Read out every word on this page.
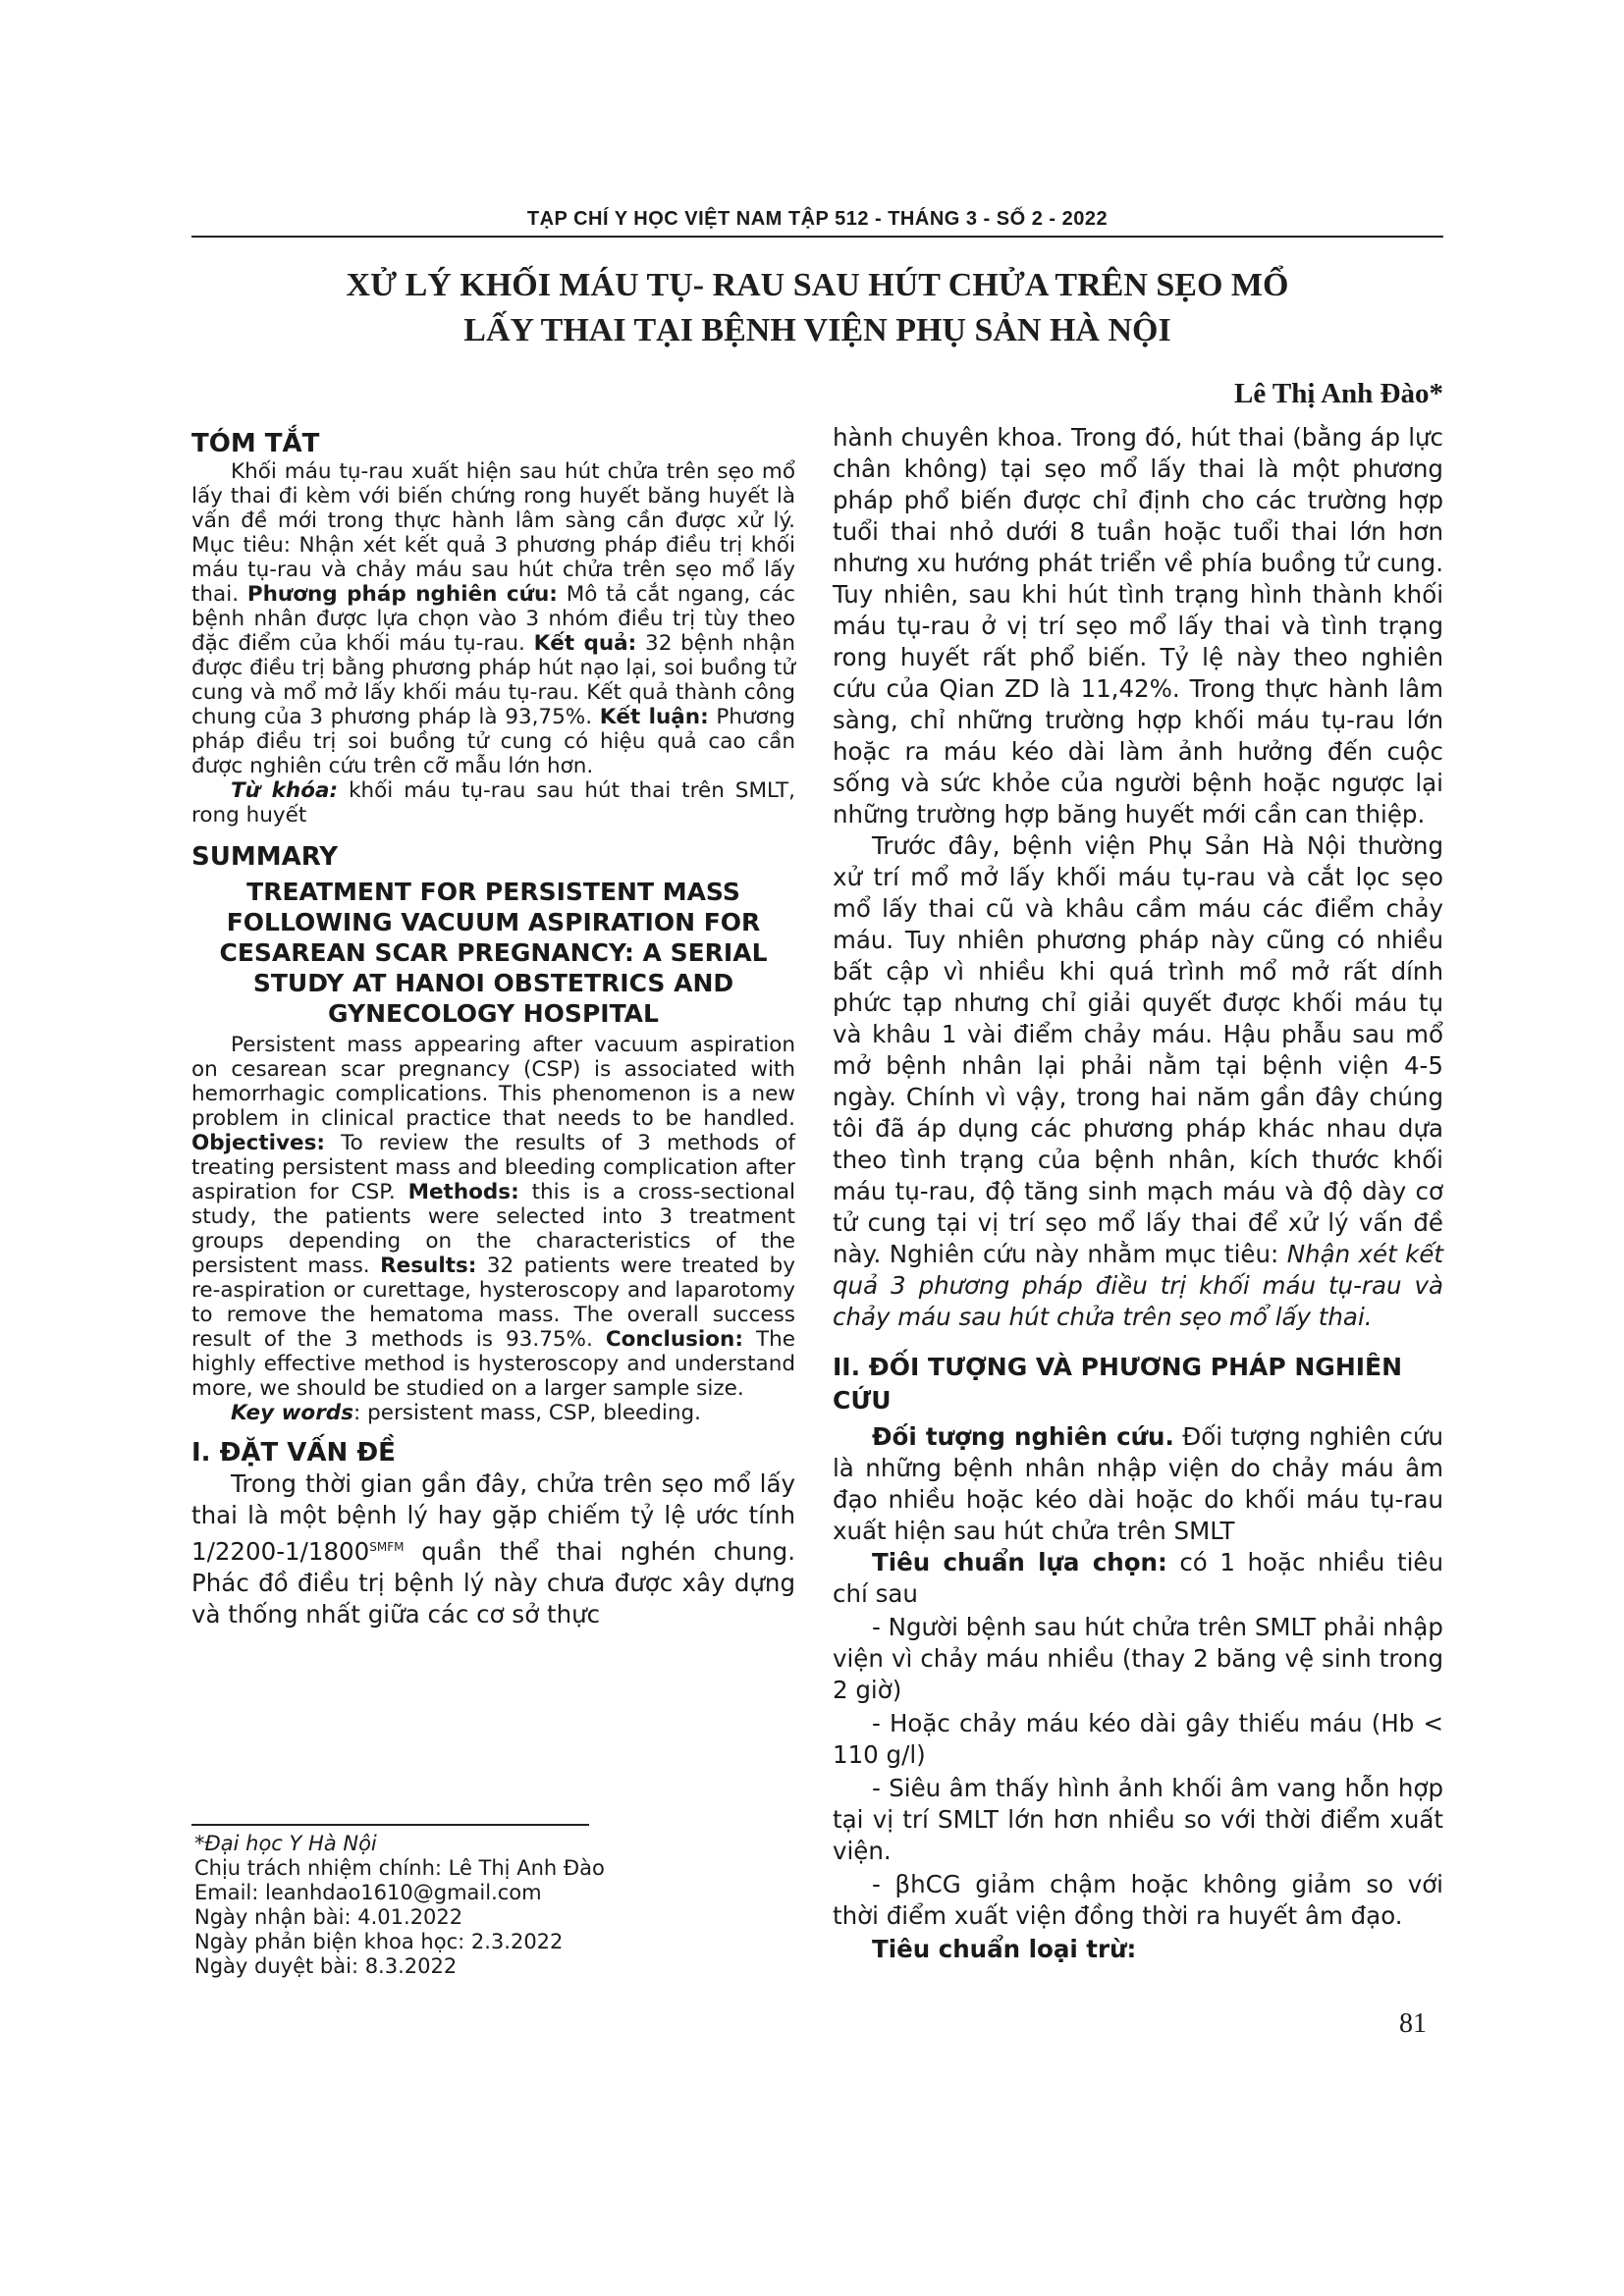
TẠP CHÍ Y HỌC VIỆT NAM TẬP 512 - THÁNG 3 - SỐ 2 - 2022
XỬ LÝ KHỐI MÁU TỤ- RAU SAU HÚT CHỬA TRÊN SẸO MỔ
LẤY THAI TẠI BỆNH VIỆN PHỤ SẢN HÀ NỘI
Lê Thị Anh Đào*
TÓM TẮT

Khối máu tụ-rau xuất hiện sau hút chửa trên sẹo mổ lấy thai đi kèm với biến chứng rong huyết băng huyết là vấn đề mới trong thực hành lâm sàng cần được xử lý. Mục tiêu: Nhận xét kết quả 3 phương pháp điều trị khối máu tụ-rau và chảy máu sau hút chửa trên sẹo mổ lấy thai. Phương pháp nghiên cứu: Mô tả cắt ngang, các bệnh nhân được lựa chọn vào 3 nhóm điều trị tùy theo đặc điểm của khối máu tụ-rau. Kết quả: 32 bệnh nhận được điều trị bằng phương pháp hút nạo lại, soi buồng tử cung và mổ mở lấy khối máu tụ-rau. Kết quả thành công chung của 3 phương pháp là 93,75%. Kết luận: Phương pháp điều trị soi buồng tử cung có hiệu quả cao cần được nghiên cứu trên cỡ mẫu lớn hơn.

Từ khóa: khối máu tụ-rau sau hút thai trên SMLT, rong huyết

SUMMARY
TREATMENT FOR PERSISTENT MASS FOLLOWING VACUUM ASPIRATION FOR CESAREAN SCAR PREGNANCY: A SERIAL STUDY AT HANOI OBSTETRICS AND GYNECOLOGY HOSPITAL

Persistent mass appearing after vacuum aspiration on cesarean scar pregnancy (CSP) is associated with hemorrhagic complications. This phenomenon is a new problem in clinical practice that needs to be handled. Objectives: To review the results of 3 methods of treating persistent mass and bleeding complication after aspiration for CSP. Methods: this is a cross-sectional study, the patients were selected into 3 treatment groups depending on the characteristics of the persistent mass. Results: 32 patients were treated by re-aspiration or curettage, hysteroscopy and laparotomy to remove the hematoma mass. The overall success result of the 3 methods is 93.75%. Conclusion: The highly effective method is hysteroscopy and understand more, we should be studied on a larger sample size.

Key words: persistent mass, CSP, bleeding.

I. ĐẶT VẤN ĐỀ

Trong thời gian gần đây, chửa trên sẹo mổ lấy thai là một bệnh lý hay gặp chiếm tỷ lệ ước tính $1/2200-1/1800^{SMFM}$ quần thể thai nghén chung. Phác đồ điều trị bệnh lý này chưa được xây dựng và thống nhất giữa các cơ sở thực

*Đại học Y Hà Nội
Chịu trách nhiệm chính: Lê Thị Anh Đào
Email: leanhdao1610@gmail.com
Ngày nhận bài: 4.01.2022
Ngày phản biện khoa học: 2.3.2022
Ngày duyệt bài: 8.3.2022

hành chuyên khoa. Trong đó, hút thai (bằng áp lực chân không) tại sẹo mổ lấy thai là một phương pháp phổ biến được chỉ định cho các trường hợp tuổi thai nhỏ dưới 8 tuần hoặc tuổi thai lớn hơn nhưng xu hướng phát triển về phía buồng tử cung. Tuy nhiên, sau khi hút tình trạng hình thành khối máu tụ-rau ở vị trí sẹo mổ lấy thai và tình trạng rong huyết rất phổ biến. Tỷ lệ này theo nghiên cứu của Qian ZD là 11,42%. Trong thực hành lâm sàng, chỉ những trường hợp khối máu tụ-rau lớn hoặc ra máu kéo dài làm ảnh hưởng đến cuộc sống và sức khỏe của người bệnh hoặc ngược lại những trường hợp băng huyết mới cần can thiệp.

Trước đây, bệnh viện Phụ Sản Hà Nội thường xử trí mổ mở lấy khối máu tụ-rau và cắt lọc sẹo mổ lấy thai cũ và khâu cầm máu các điểm chảy máu. Tuy nhiên phương pháp này cũng có nhiều bất cập vì nhiều khi quá trình mổ mở rất dính phức tạp nhưng chỉ giải quyết được khối máu tụ và khâu 1 vài điểm chảy máu. Hậu phẫu sau mổ mở bệnh nhân lại phải nằm tại bệnh viện 4-5 ngày. Chính vì vậy, trong hai năm gần đây chúng tôi đã áp dụng các phương pháp khác nhau dựa theo tình trạng của bệnh nhân, kích thước khối máu tụ-rau, độ tăng sinh mạch máu và độ dày cơ tử cung tại vị trí sẹo mổ lấy thai để xử lý vấn đề này. Nghiên cứu này nhằm mục tiêu: Nhận xét kết quả 3 phương pháp điều trị khối máu tụ-rau và chảy máu sau hút chửa trên sẹo mổ lấy thai.

II. ĐỐI TƯỢNG VÀ PHƯƠNG PHÁP NGHIÊN CỨU

Đối tượng nghiên cứu. Đối tượng nghiên cứu là những bệnh nhân nhập viện do chảy máu âm đạo nhiều hoặc kéo dài hoặc do khối máu tụ-rau xuất hiện sau hút chửa trên SMLT

Tiêu chuẩn lựa chọn: có 1 hoặc nhiều tiêu chí sau

- Người bệnh sau hút chửa trên SMLT phải nhập viện vì chảy máu nhiều (thay 2 băng vệ sinh trong 2 giờ)

- Hoặc chảy máu kéo dài gây thiếu máu (Hb < 110 g/l)

- Siêu âm thấy hình ảnh khối âm vang hỗn hợp tại vị trí SMLT lớn hơn nhiều so với thời điểm xuất viện.

- βhCG giảm chậm hoặc không giảm so với thời điểm xuất viện đồng thời ra huyết âm đạo.

Tiêu chuẩn loại trừ:

81
